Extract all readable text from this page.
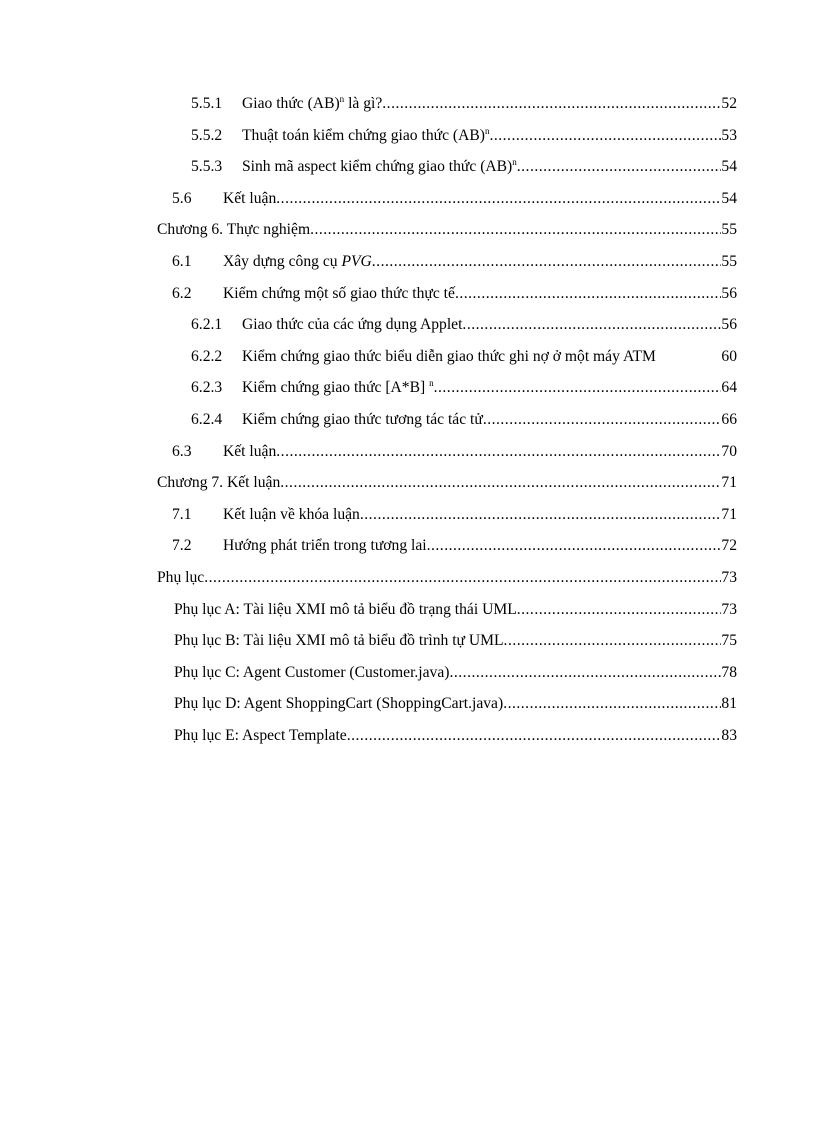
5.5.1	Giao thức (AB)$^n$ là gì? .....	52
5.5.2	Thuật toán kiểm chứng giao thức (AB)$^n$ .....	53
5.5.3	Sinh mã aspect kiểm chứng giao thức (AB)$^n$ .....	54
5.6	Kết luận .....	54
Chương 6. Thực nghiệm .....	55
6.1	Xây dựng công cụ PVG .....	55
6.2	Kiểm chứng một số giao thức thực tế .....	56
6.2.1	Giao thức của các ứng dụng Applet .....	56
6.2.2	Kiểm chứng giao thức biểu diễn giao thức ghi nợ ở một máy ATM	60
6.2.3	Kiểm chứng giao thức [A*B] $^n$ .....	64
6.2.4	Kiểm chứng giao thức tương tác tác tử .....	66
6.3	Kết luận .....	70
Chương 7. Kết luận .....	71
7.1	Kết luận về khóa luận .....	71
7.2	Hướng phát triển trong tương lai .....	72
Phụ lục .....	73
Phụ lục A: Tài liệu XMI mô tả biểu đồ trạng thái UML .....	73
Phụ lục B: Tài liệu XMI mô tả biểu đồ trình tự UML .....	75
Phụ lục C: Agent Customer (Customer.java) .....	78
Phụ lục D: Agent ShoppingCart (ShoppingCart.java) .....	81
Phụ lục E: Aspect Template .....	83
